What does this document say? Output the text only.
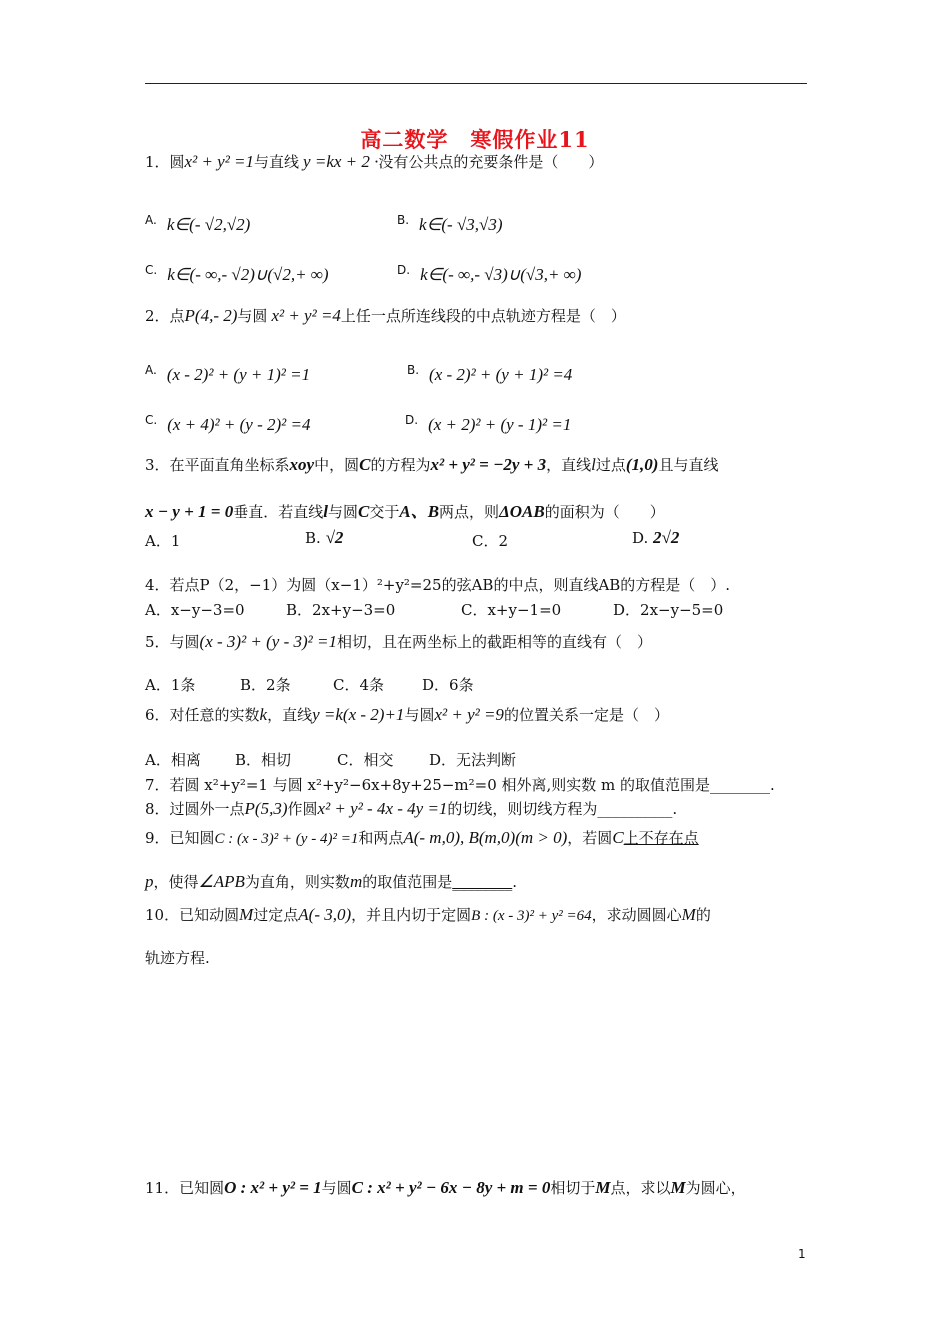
高二数学　寒假作业11
1．圆x² + y² =1与直线 y =kx + 2 ·没有公共点的充要条件是（　　）
$^{A.}$ k∈(- √2,√2)	$^{B.}$ k∈(- √3,√3)
$^{C.}$ k∈(- ∞,- √2)∪(√2,+ ∞)	$^{D.}$ k∈(- ∞,- √3)∪(√3,+ ∞)
2．点P(4,- 2)与圆 x² + y² =4上任一点所连线段的中点轨迹方程是（　）
$^{A.}$ (x - 2)² + (y + 1)² =1	$^{B.}$ (x - 2)² + (y + 1)² =4
$^{C.}$ (x + 4)² + (y - 2)² =4	$^{D.}$ (x + 2)² + (y - 1)² =1
3．在平面直角坐标系xoy中，圆C的方程为x² + y² = −2y + 3，直线l过点(1,0)且与直线
x − y + 1 = 0垂直．若直线l与圆C交于A、B两点，则ΔOAB的面积为（　　）
A．1	B. √2	C．2	D. 2√2
4．若点P（2，−1）为圆（x−1）²+y²=25的弦AB的中点，则直线AB的方程是（　）.
A．x−y−3=0	B．2x+y−3=0	C．x+y−1=0	D．2x−y−5=0
5．与圆(x - 3)² + (y - 3)² =1相切，且在两坐标上的截距相等的直线有（　）
A．1条	B．2条	C．4条	D．6条
6．对任意的实数k，直线y =k(x - 2)+1与圆x² + y² =9的位置关系一定是（　）
A．相离 B．相切	C．相交 D．无法判断
7．若圆 x²+y²=1 与圆 x²+y²−6x+8y+25−m²=0 相外离,则实数 m 的取值范围是________.
8．过圆外一点P(5,3)作圆x² + y² - 4x - 4y =1的切线，则切线方程为__________.
9．已知圆C : (x - 3)² + (y - 4)² =1和两点A(- m,0), B(m,0)(m > 0)，若圆C上不存在点
p，使得∠APB为直角，则实数m的取值范围是________.
10．已知动圆M过定点A(- 3,0)，并且内切于定圆B : (x - 3)² + y² =64，求动圆圆心M的
轨迹方程.
11．已知圆O : x² + y² = 1与圆C : x² + y² − 6x − 8y + m = 0相切于M点，求以M为圆心，
1
